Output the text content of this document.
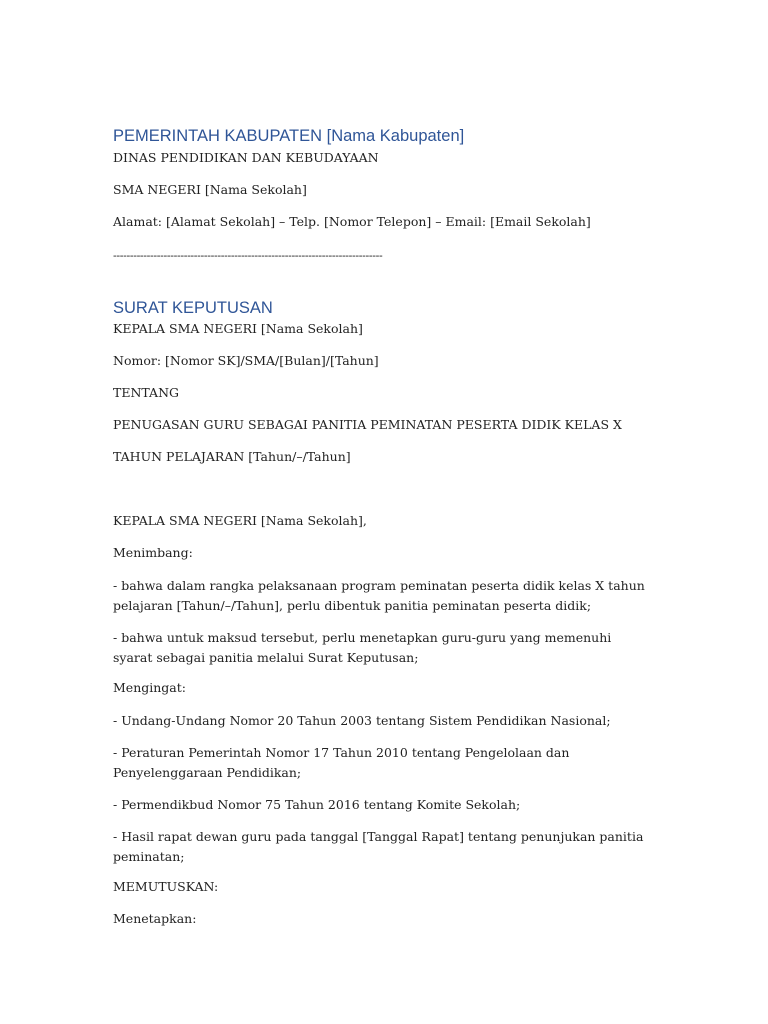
PEMERINTAH KABUPATEN [Nama Kabupaten]
DINAS PENDIDIKAN DAN KEBUDAYAAN
SMA NEGERI [Nama Sekolah]
Alamat: [Alamat Sekolah] – Telp. [Nomor Telepon] – Email: [Email Sekolah]
--------------------------------------------------------------------------------
SURAT KEPUTUSAN
KEPALA SMA NEGERI [Nama Sekolah]
Nomor: [Nomor SK]/SMA/[Bulan]/[Tahun]
TENTANG
PENUGASAN GURU SEBAGAI PANITIA PEMINATAN PESERTA DIDIK KELAS X
TAHUN PELAJARAN [Tahun/–/Tahun]
KEPALA SMA NEGERI [Nama Sekolah],
Menimbang:
- bahwa dalam rangka pelaksanaan program peminatan peserta didik kelas X tahun pelajaran [Tahun/–/Tahun], perlu dibentuk panitia peminatan peserta didik;
- bahwa untuk maksud tersebut, perlu menetapkan guru-guru yang memenuhi syarat sebagai panitia melalui Surat Keputusan;
Mengingat:
- Undang-Undang Nomor 20 Tahun 2003 tentang Sistem Pendidikan Nasional;
- Peraturan Pemerintah Nomor 17 Tahun 2010 tentang Pengelolaan dan Penyelenggaraan Pendidikan;
- Permendikbud Nomor 75 Tahun 2016 tentang Komite Sekolah;
- Hasil rapat dewan guru pada tanggal [Tanggal Rapat] tentang penunjukan panitia peminatan;
MEMUTUSKAN:
Menetapkan:
